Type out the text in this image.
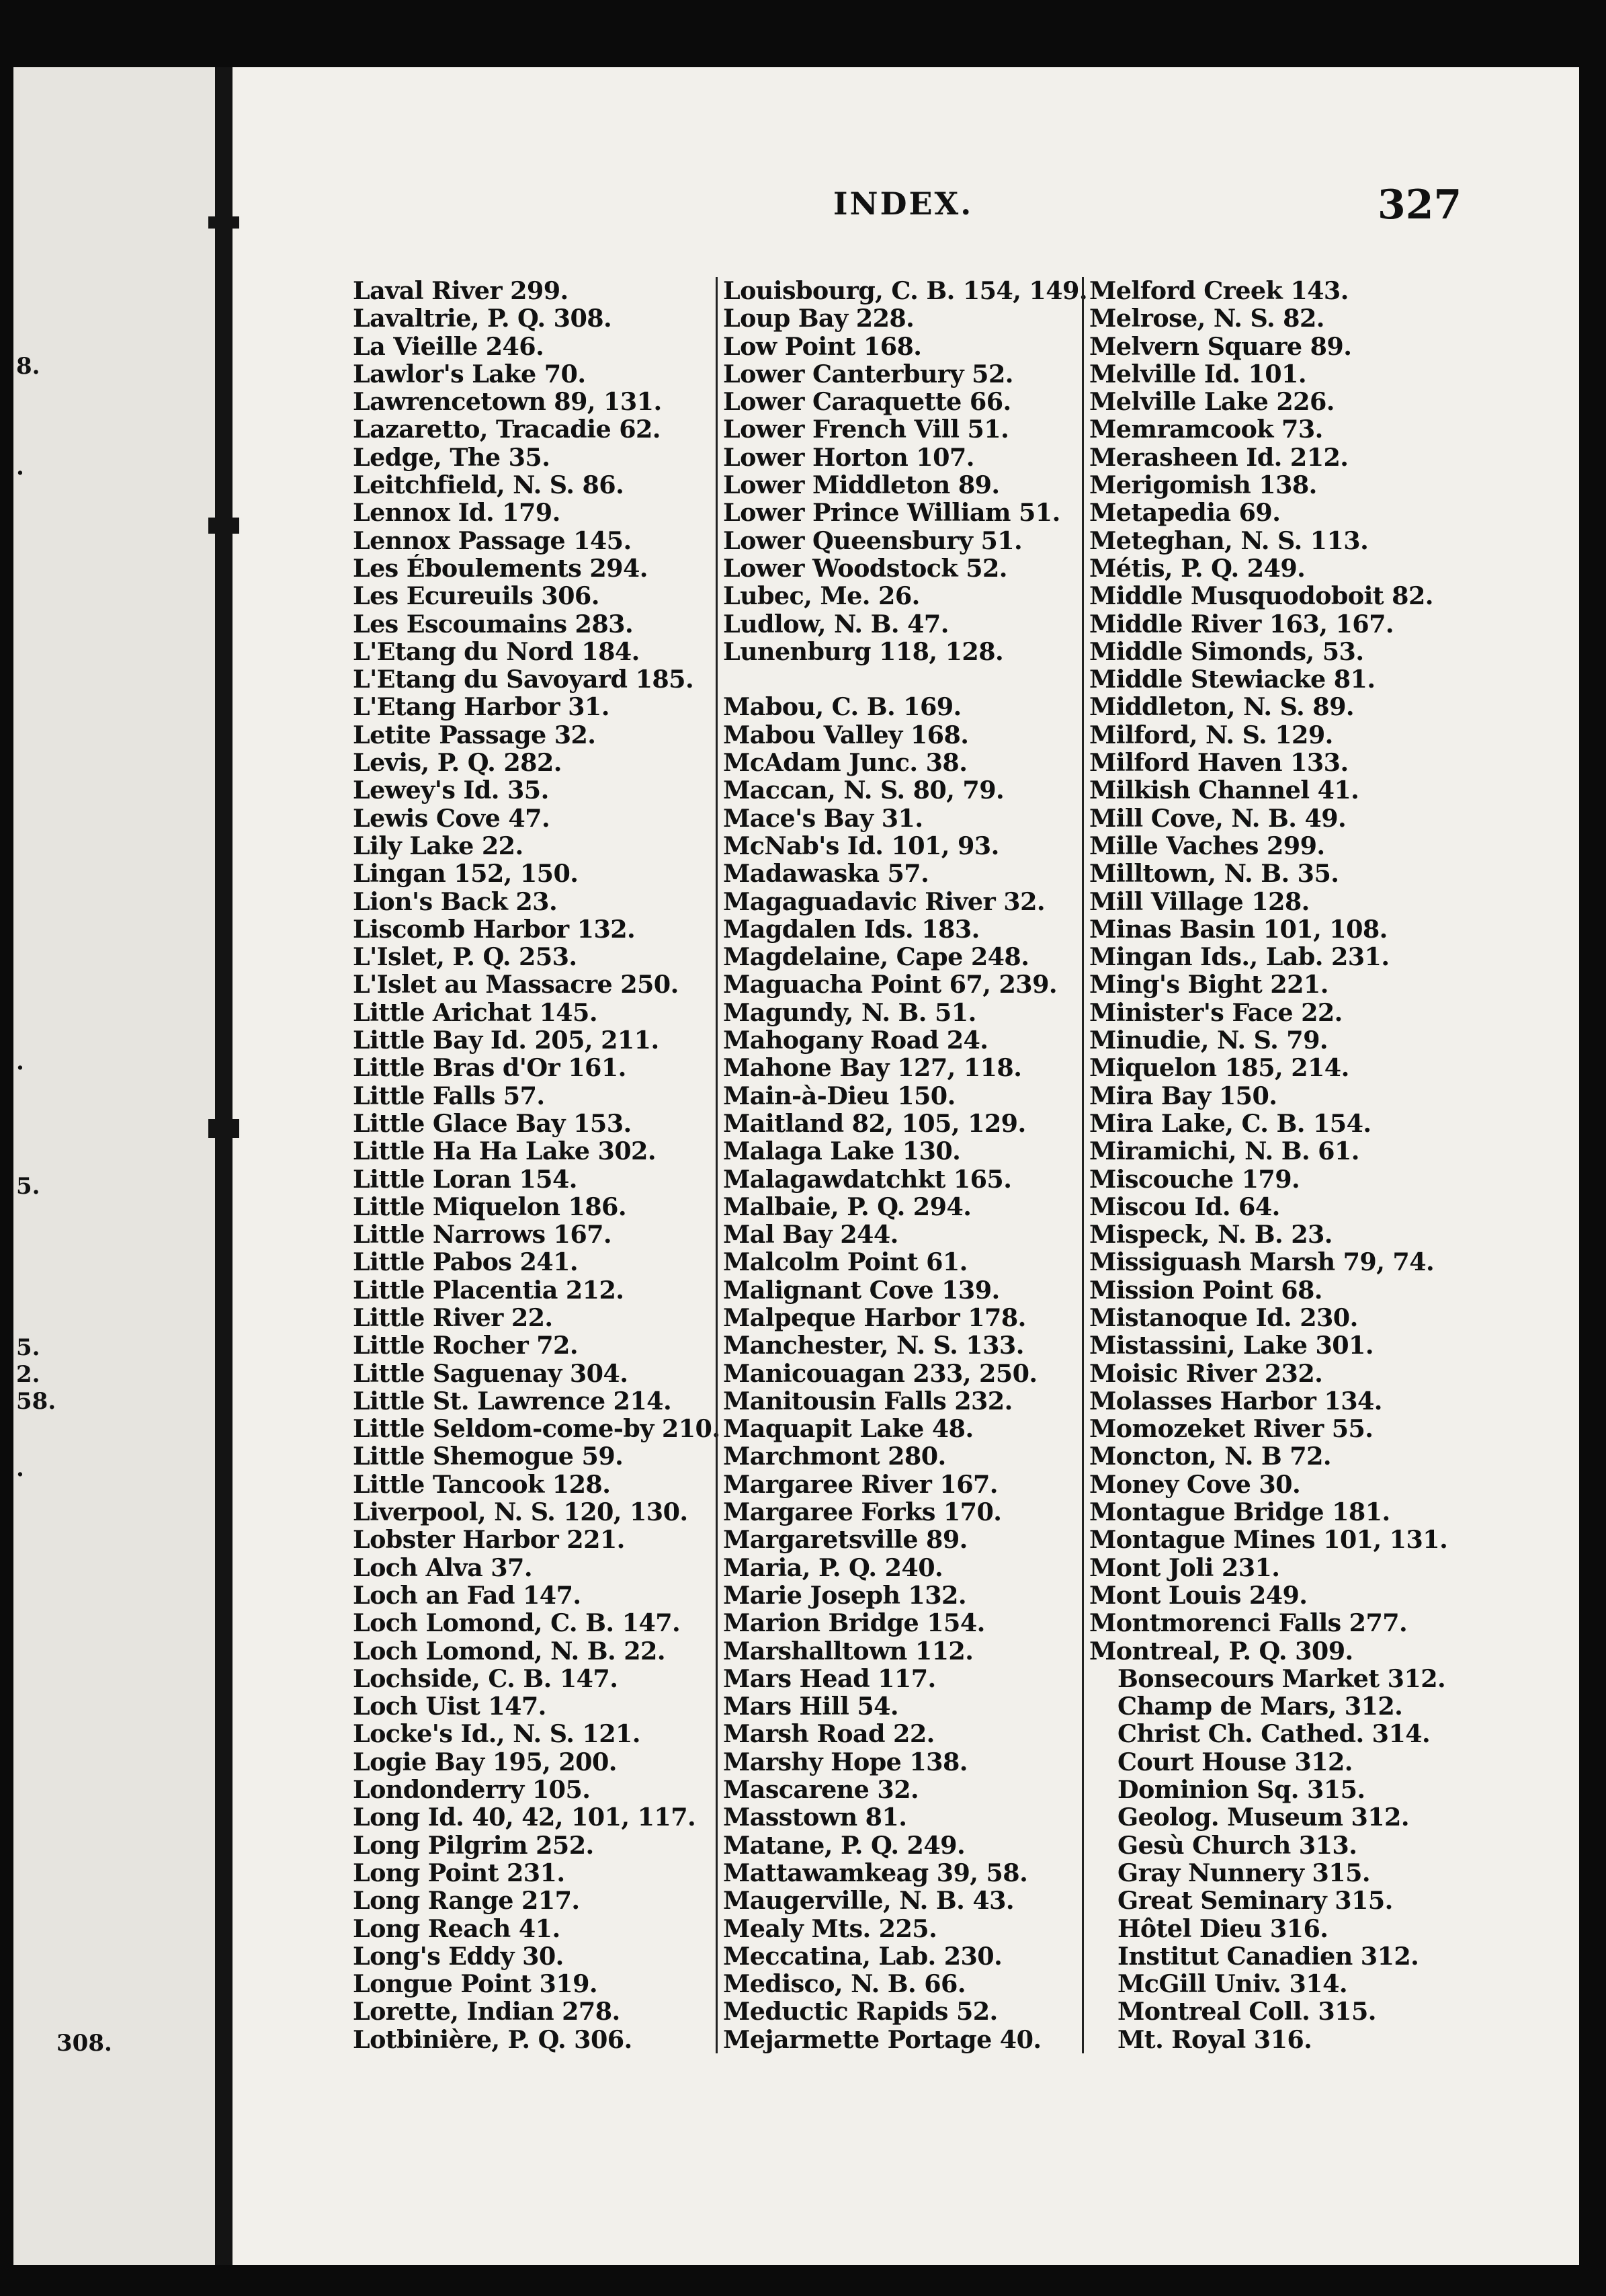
8.
.
.
5.
5.
2.
58.
.
308.
INDEX.	327
Laval River 299.
Lavaltrie, P. Q. 308.
La Vieille 246.
Lawlor's Lake 70.
Lawrencetown 89, 131.
Lazaretto, Tracadie 62.
Ledge, The 35.
Leitchfield, N. S. 86.
Lennox Id. 179.
Lennox Passage 145.
Les Éboulements 294.
Les Ecureuils 306.
Les Escoumains 283.
L'Etang du Nord 184.
L'Etang du Savoyard 185.
L'Etang Harbor 31.
Letite Passage 32.
Levis, P. Q. 282.
Lewey's Id. 35.
Lewis Cove 47.
Lily Lake 22.
Lingan 152, 150.
Lion's Back 23.
Liscomb Harbor 132.
L'Islet, P. Q. 253.
L'Islet au Massacre 250.
Little Arichat 145.
Little Bay Id. 205, 211.
Little Bras d'Or 161.
Little Falls 57.
Little Glace Bay 153.
Little Ha Ha Lake 302.
Little Loran 154.
Little Miquelon 186.
Little Narrows 167.
Little Pabos 241.
Little Placentia 212.
Little River 22.
Little Rocher 72.
Little Saguenay 304.
Little St. Lawrence 214.
Little Seldom-come-by 210.
Little Shemogue 59.
Little Tancook 128.
Liverpool, N. S. 120, 130.
Lobster Harbor 221.
Loch Alva 37.
Loch an Fad 147.
Loch Lomond, C. B. 147.
Loch Lomond, N. B. 22.
Lochside, C. B. 147.
Loch Uist 147.
Locke's Id., N. S. 121.
Logie Bay 195, 200.
Londonderry 105.
Long Id. 40, 42, 101, 117.
Long Pilgrim 252.
Long Point 231.
Long Range 217.
Long Reach 41.
Long's Eddy 30.
Longue Point 319.
Lorette, Indian 278.
Lotbinière, P. Q. 306.
Louisbourg, C. B. 154, 149.
Loup Bay 228.
Low Point 168.
Lower Canterbury 52.
Lower Caraquette 66.
Lower French Vill 51.
Lower Horton 107.
Lower Middleton 89.
Lower Prince William 51.
Lower Queensbury 51.
Lower Woodstock 52.
Lubec, Me. 26.
Ludlow, N. B. 47.
Lunenburg 118, 128.
Mabou, C. B. 169.
Mabou Valley 168.
McAdam Junc. 38.
Maccan, N. S. 80, 79.
Mace's Bay 31.
McNab's Id. 101, 93.
Madawaska 57.
Magaguadavic River 32.
Magdalen Ids. 183.
Magdelaine, Cape 248.
Maguacha Point 67, 239.
Magundy, N. B. 51.
Mahogany Road 24.
Mahone Bay 127, 118.
Main-à-Dieu 150.
Maitland 82, 105, 129.
Malaga Lake 130.
Malagawdatchkt 165.
Malbaie, P. Q. 294.
Mal Bay 244.
Malcolm Point 61.
Malignant Cove 139.
Malpeque Harbor 178.
Manchester, N. S. 133.
Manicouagan 233, 250.
Manitousin Falls 232.
Maquapit Lake 48.
Marchmont 280.
Margaree River 167.
Margaree Forks 170.
Margaretsville 89.
Maria, P. Q. 240.
Marie Joseph 132.
Marion Bridge 154.
Marshalltown 112.
Mars Head 117.
Mars Hill 54.
Marsh Road 22.
Marshy Hope 138.
Mascarene 32.
Masstown 81.
Matane, P. Q. 249.
Mattawamkeag 39, 58.
Maugerville, N. B. 43.
Mealy Mts. 225.
Meccatina, Lab. 230.
Medisco, N. B. 66.
Meductic Rapids 52.
Mejarmette Portage 40.
Melford Creek 143.
Melrose, N. S. 82.
Melvern Square 89.
Melville Id. 101.
Melville Lake 226.
Memramcook 73.
Merasheen Id. 212.
Merigomish 138.
Metapedia 69.
Meteghan, N. S. 113.
Métis, P. Q. 249.
Middle Musquodoboit 82.
Middle River 163, 167.
Middle Simonds, 53.
Middle Stewiacke 81.
Middleton, N. S. 89.
Milford, N. S. 129.
Milford Haven 133.
Milkish Channel 41.
Mill Cove, N. B. 49.
Mille Vaches 299.
Milltown, N. B. 35.
Mill Village 128.
Minas Basin 101, 108.
Mingan Ids., Lab. 231.
Ming's Bight 221.
Minister's Face 22.
Minudie, N. S. 79.
Miquelon 185, 214.
Mira Bay 150.
Mira Lake, C. B. 154.
Miramichi, N. B. 61.
Miscouche 179.
Miscou Id. 64.
Mispeck, N. B. 23.
Missiguash Marsh 79, 74.
Mission Point 68.
Mistanoque Id. 230.
Mistassini, Lake 301.
Moisic River 232.
Molasses Harbor 134.
Momozeket River 55.
Moncton, N. B 72.
Money Cove 30.
Montague Bridge 181.
Montague Mines 101, 131.
Mont Joli 231.
Mont Louis 249.
Montmorenci Falls 277.
Montreal, P. Q. 309.
Bonsecours Market 312.
Champ de Mars, 312.
Christ Ch. Cathed. 314.
Court House 312.
Dominion Sq. 315.
Geolog. Museum 312.
Gesù Church 313.
Gray Nunnery 315.
Great Seminary 315.
Hôtel Dieu 316.
Institut Canadien 312.
McGill Univ. 314.
Montreal Coll. 315.
Mt. Royal 316.
